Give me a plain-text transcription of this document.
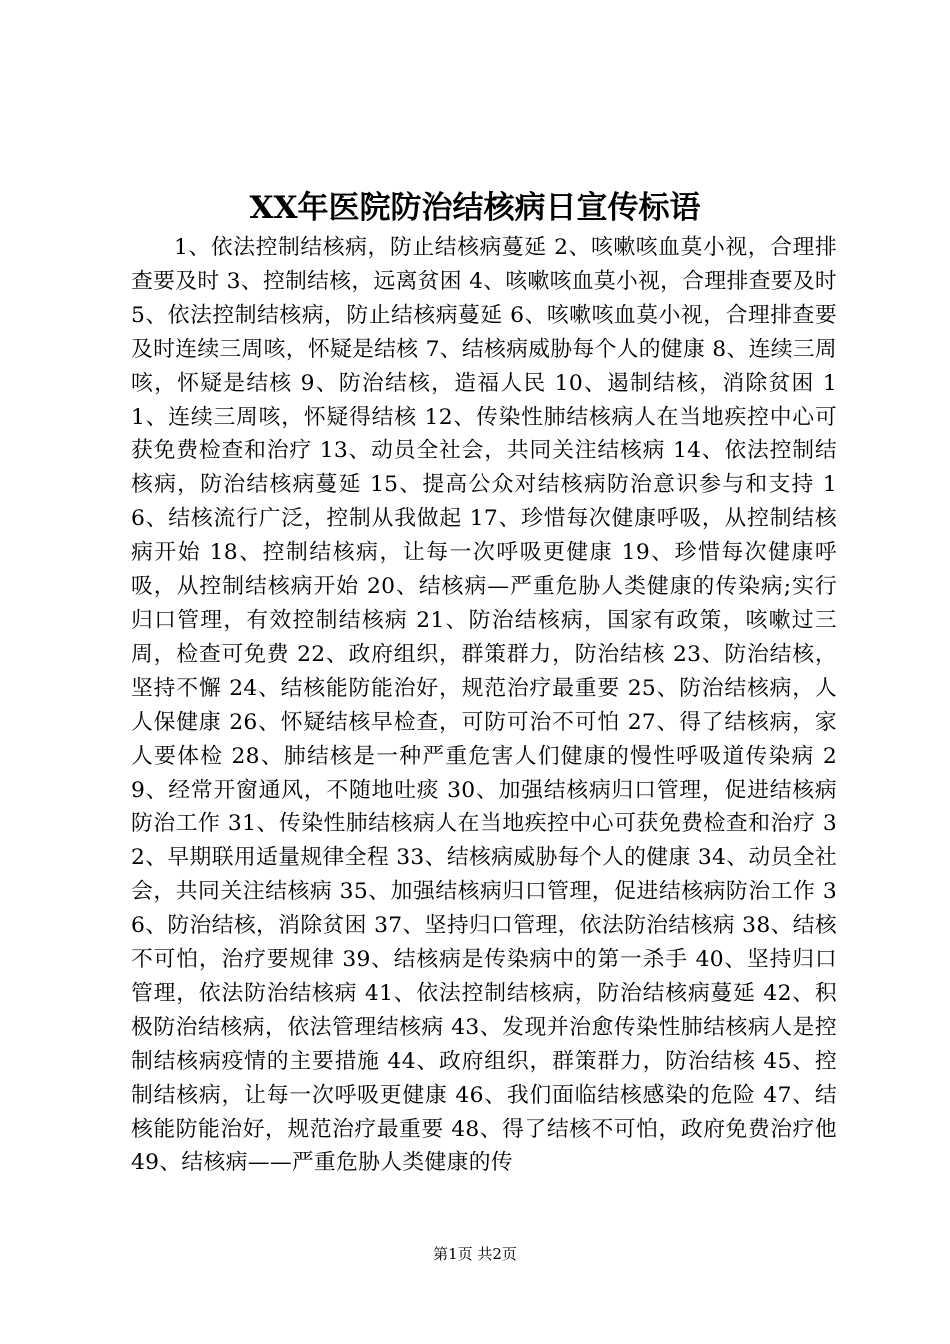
XX年医院防治结核病日宣传标语

1、依法控制结核病，防止结核病蔓延 2、咳嗽咳血莫小视，合理排查要及时 3、控制结核，远离贫困 4、咳嗽咳血莫小视，合理排查要及时 5、依法控制结核病，防止结核病蔓延 6、咳嗽咳血莫小视，合理排查要及时连续三周咳，怀疑是结核 7、结核病威胁每个人的健康 8、连续三周咳，怀疑是结核 9、防治结核，造福人民 10、遏制结核，消除贫困 11、连续三周咳，怀疑得结核 12、传染性肺结核病人在当地疾控中心可获免费检查和治疗 13、动员全社会，共同关注结核病 14、依法控制结核病，防治结核病蔓延 15、提高公众对结核病防治意识参与和支持 16、结核流行广泛，控制从我做起 17、珍惜每次健康呼吸，从控制结核病开始 18、控制结核病，让每一次呼吸更健康 19、珍惜每次健康呼吸，从控制结核病开始 20、结核病—严重危胁人类健康的传染病;实行归口管理，有效控制结核病 21、防治结核病，国家有政策，咳嗽过三周，检查可免费 22、政府组织，群策群力，防治结核 23、防治结核，坚持不懈 24、结核能防能治好，规范治疗最重要 25、防治结核病，人人保健康 26、怀疑结核早检查，可防可治不可怕 27、得了结核病，家人要体检 28、肺结核是一种严重危害人们健康的慢性呼吸道传染病 29、经常开窗通风，不随地吐痰 30、加强结核病归口管理，促进结核病防治工作 31、传染性肺结核病人在当地疾控中心可获免费检查和治疗 32、早期联用适量规律全程 33、结核病威胁每个人的健康 34、动员全社会，共同关注结核病 35、加强结核病归口管理，促进结核病防治工作 36、防治结核，消除贫困 37、坚持归口管理，依法防治结核病 38、结核不可怕，治疗要规律 39、结核病是传染病中的第一杀手 40、坚持归口管理，依法防治结核病 41、依法控制结核病，防治结核病蔓延 42、积极防治结核病，依法管理结核病 43、发现并治愈传染性肺结核病人是控制结核病疫情的主要措施 44、政府组织，群策群力，防治结核 45、控制结核病，让每一次呼吸更健康 46、我们面临结核感染的危险 47、结核能防能治好，规范治疗最重要 48、得了结核不可怕，政府免费治疗他 49、结核病——严重危胁人类健康的传

第1页 共2页
